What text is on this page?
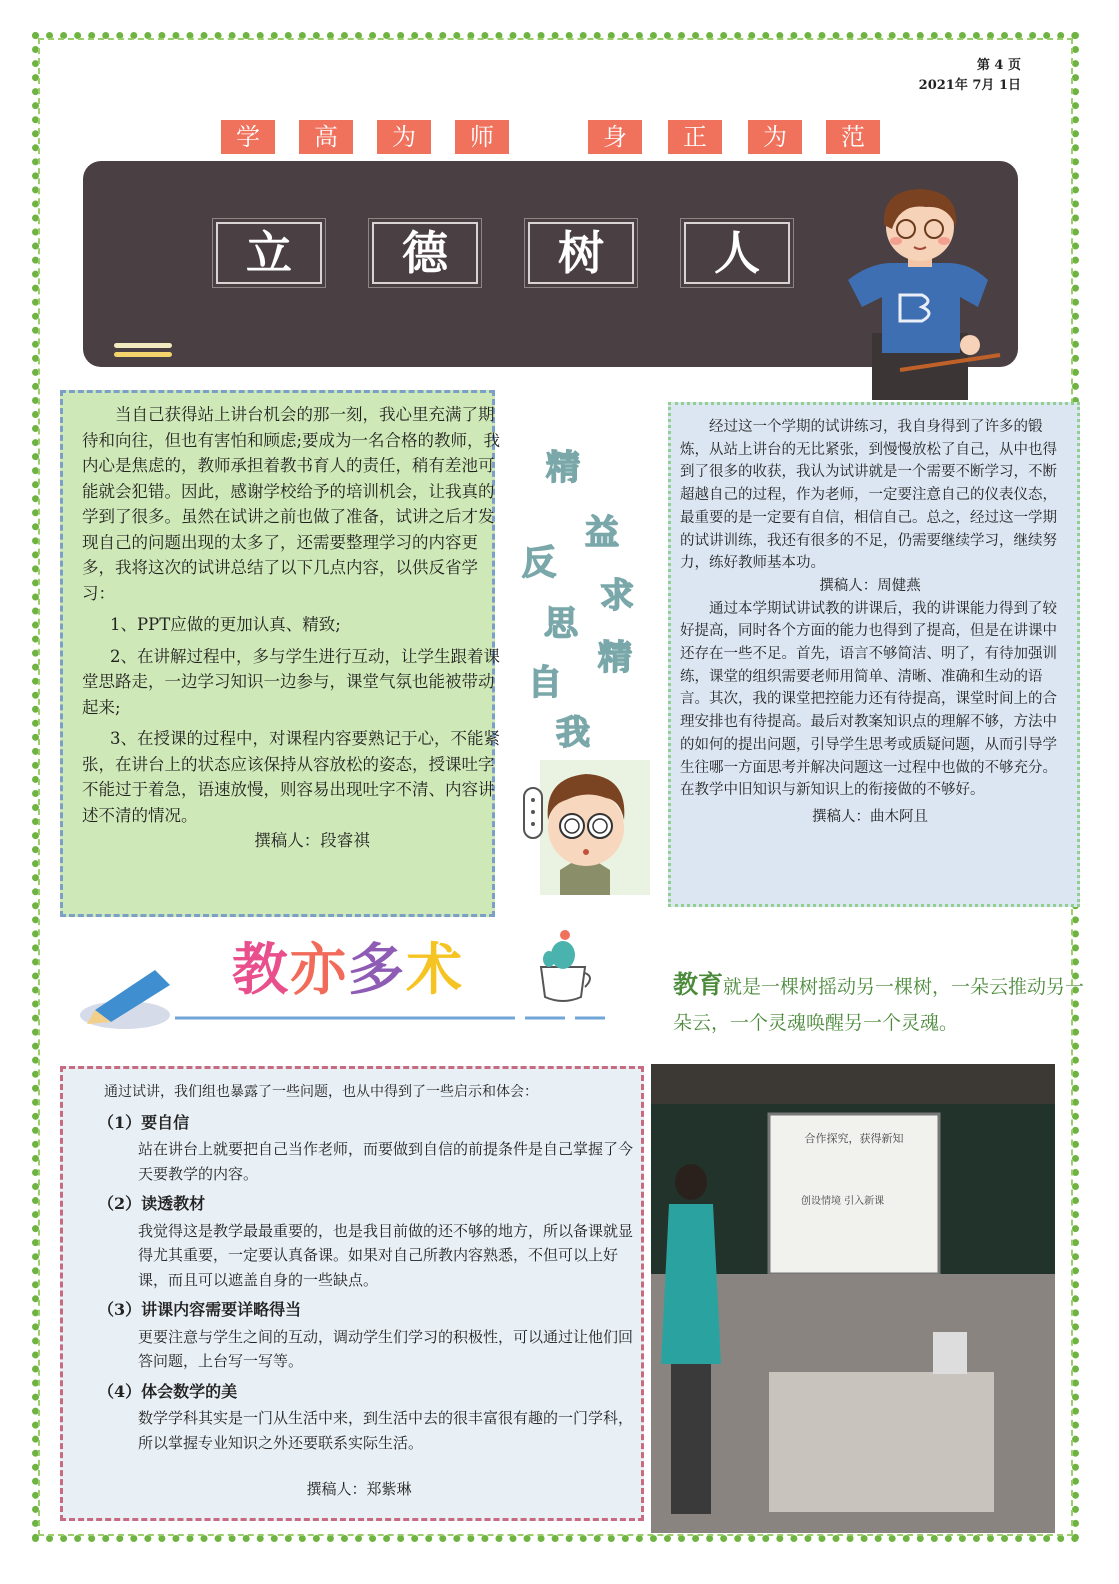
第 4 页
2021年 7月 1日
学	高	为	师	身	正	为	范
立	德	树	人

当自己获得站上讲台机会的那一刻，我心里充满了期待和向往，但也有害怕和顾虑;要成为一名合格的教师，我内心是焦虑的，教师承担着教书育人的责任，稍有差池可能就会犯错。因此，感谢学校给予的培训机会，让我真的学到了很多。虽然在试讲之前也做了准备，试讲之后才发现自己的问题出现的太多了，还需要整理学习的内容更多，我将这次的试讲总结了以下几点内容，以供反省学习：

1、PPT应做的更加认真、精致;

2、在讲解过程中，多与学生进行互动，让学生跟着课堂思路走，一边学习知识一边参与，课堂气氛也能被带动起来;

3、在授课的过程中，对课程内容要熟记于心，不能紧张，在讲台上的状态应该保持从容放松的姿态，授课吐字不能过于着急，语速放慢，则容易出现吐字不清、内容讲述不清的情况。

撰稿人：段睿祺

精
益
求
精
反
思
自
我

经过这一个学期的试讲练习，我自身得到了许多的锻炼，从站上讲台的无比紧张，到慢慢放松了自己，从中也得到了很多的收获，我认为试讲就是一个需要不断学习，不断超越自己的过程，作为老师，一定要注意自己的仪表仪态，最重要的是一定要有自信，相信自己。总之，经过这一学期的试讲训练，我还有很多的不足，仍需要继续学习，继续努力，练好教师基本功。

撰稿人：周健燕

通过本学期试讲试教的讲课后，我的讲课能力得到了较好提高，同时各个方面的能力也得到了提高，但是在讲课中还存在一些不足。首先，语言不够简洁、明了，有待加强训练，课堂的组织需要老师用简单、清晰、准确和生动的语言。其次，我的课堂把控能力还有待提高，课堂时间上的合理安排也有待提高。最后对教案知识点的理解不够，方法中的如何的提出问题，引导学生思考或质疑问题，从而引导学生往哪一方面思考并解决问题这一过程中也做的不够充分。在教学中旧知识与新知识上的衔接做的不够好。

撰稿人：曲木阿且

教亦多术	教育就是一棵树摇动另一棵树，一朵云推动另一朵云，一个灵魂唤醒另一个灵魂。
通过试讲，我们组也暴露了一些问题，也从中得到了一些启示和体会：
（1）要自信
站在讲台上就要把自己当作老师，而要做到自信的前提条件是自己掌握了今天要教学的内容。
（2）读透教材
我觉得这是教学最最重要的，也是我目前做的还不够的地方，所以备课就显得尤其重要，一定要认真备课。如果对自己所教内容熟悉，不但可以上好课，而且可以遮盖自身的一些缺点。
（3）讲课内容需要详略得当
更要注意与学生之间的互动，调动学生们学习的积极性，可以通过让他们回答问题，上台写一写等。
（4）体会数学的美
数学学科其实是一门从生活中来，到生活中去的很丰富很有趣的一门学科，所以掌握专业知识之外还要联系实际生活。
撰稿人：郑紫琳
合作探究，获得新知
创设情境 引入新课
